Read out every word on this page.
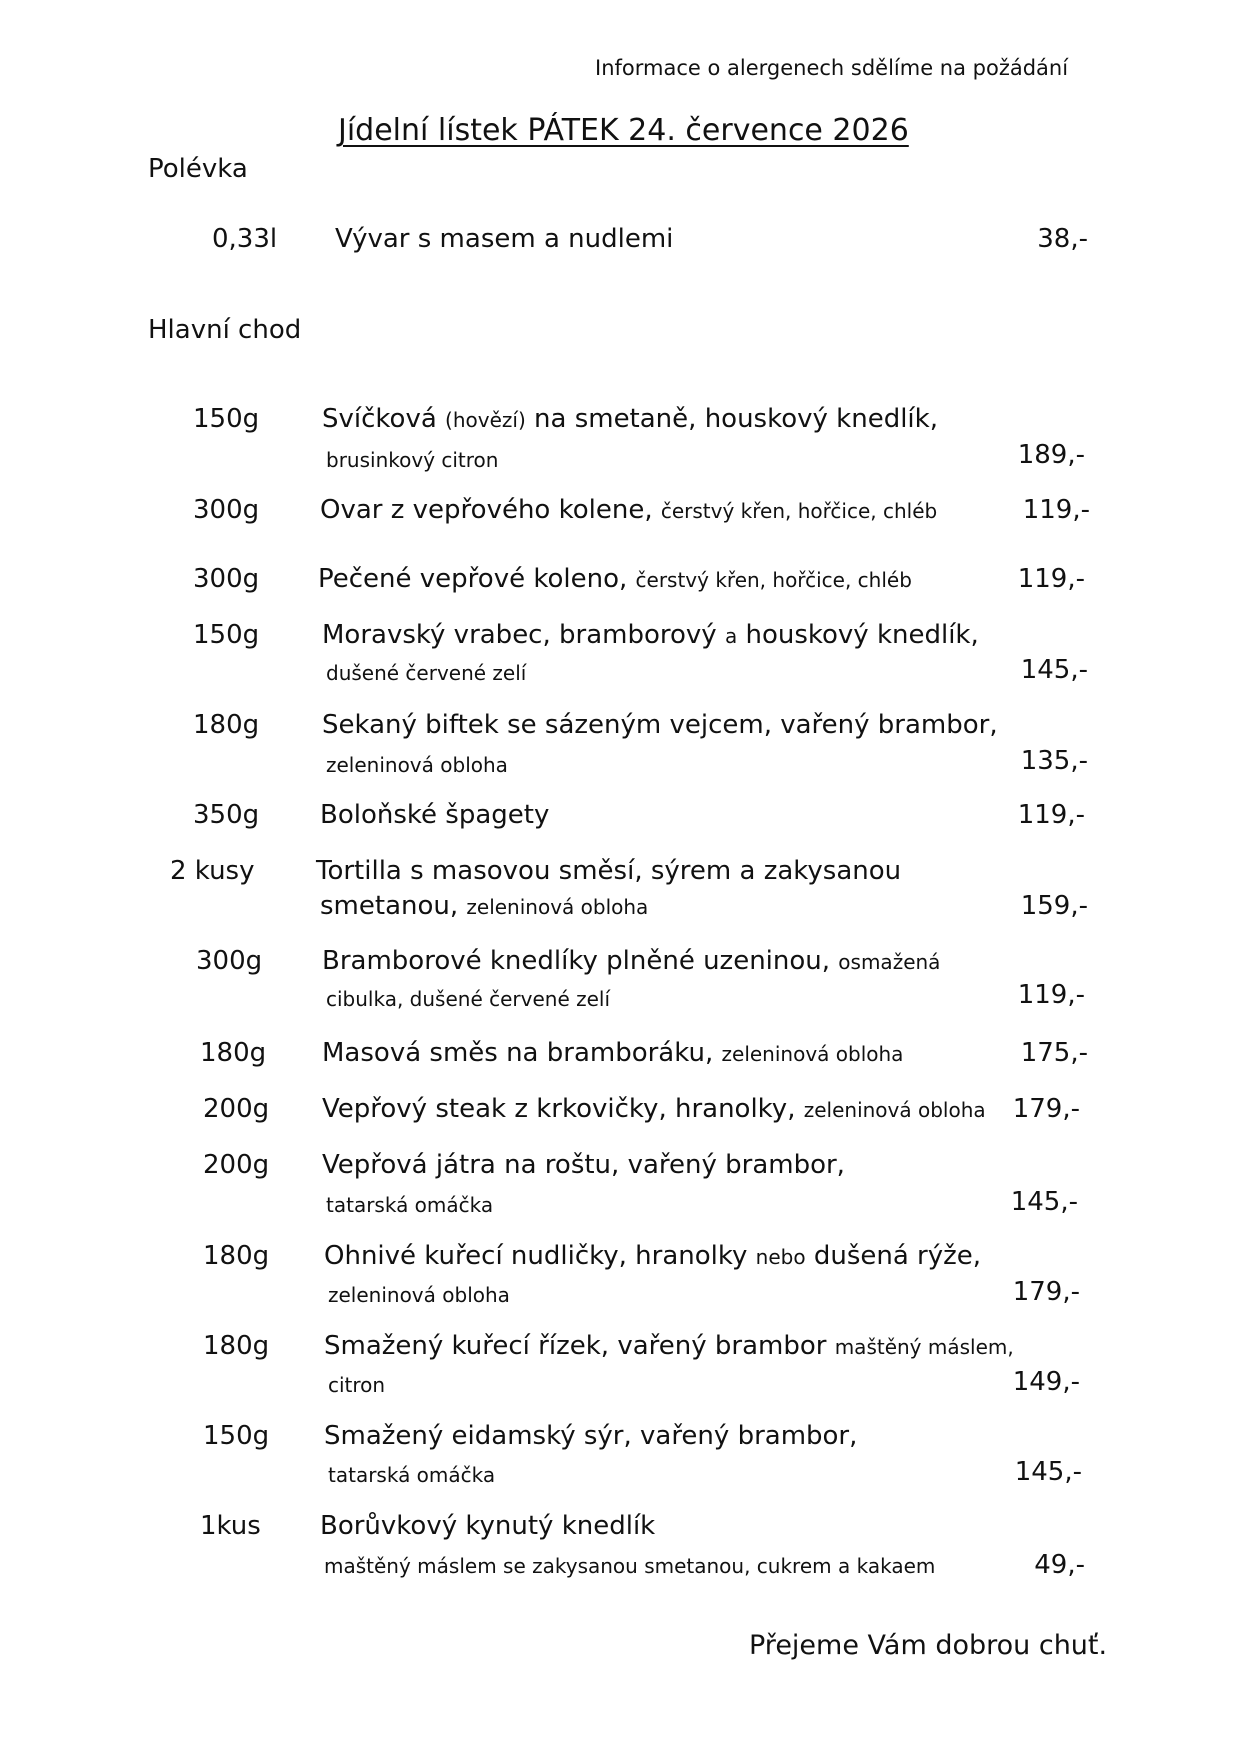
Informace o alergenech sdělíme na požádání
Jídelní lístek PÁTEK 24. července 2026
Polévka
0,33l Vývar s masem a nudlemi	38,-
Hlavní chod
150g Svíčková (hovězí) na smetaně, houskový knedlík,
brusinkový citron	189,-
300g Ovar z vepřového kolene, čerstvý křen, hořčice, chléb	119,-
300g Pečené vepřové koleno, čerstvý křen, hořčice, chléb	119,-
150g Moravský vrabec, bramborový a houskový knedlík,
dušené červené zelí	145,-
180g Sekaný biftek se sázeným vejcem, vařený brambor,
zeleninová obloha	135,-
350g Boloňské špagety	119,-
2 kusy Tortilla s masovou směsí, sýrem a zakysanou
smetanou, zeleninová obloha	159,-
300g Bramborové knedlíky plněné uzeninou, osmažená
cibulka, dušené červené zelí	119,-
180g Masová směs na bramboráku, zeleninová obloha	175,-
200g Vepřový steak z krkovičky, hranolky, zeleninová obloha	179,-
200g Vepřová játra na roštu, vařený brambor,
tatarská omáčka	145,-
180g Ohnivé kuřecí nudličky, hranolky nebo dušená rýže,
zeleninová obloha	179,-
180g Smažený kuřecí řízek, vařený brambor maštěný máslem,
citron	149,-
150g Smažený eidamský sýr, vařený brambor,
tatarská omáčka	145,-
1kus Borůvkový kynutý knedlík
maštěný máslem se zakysanou smetanou, cukrem a kakaem	49,-
Přejeme Vám dobrou chuť.
